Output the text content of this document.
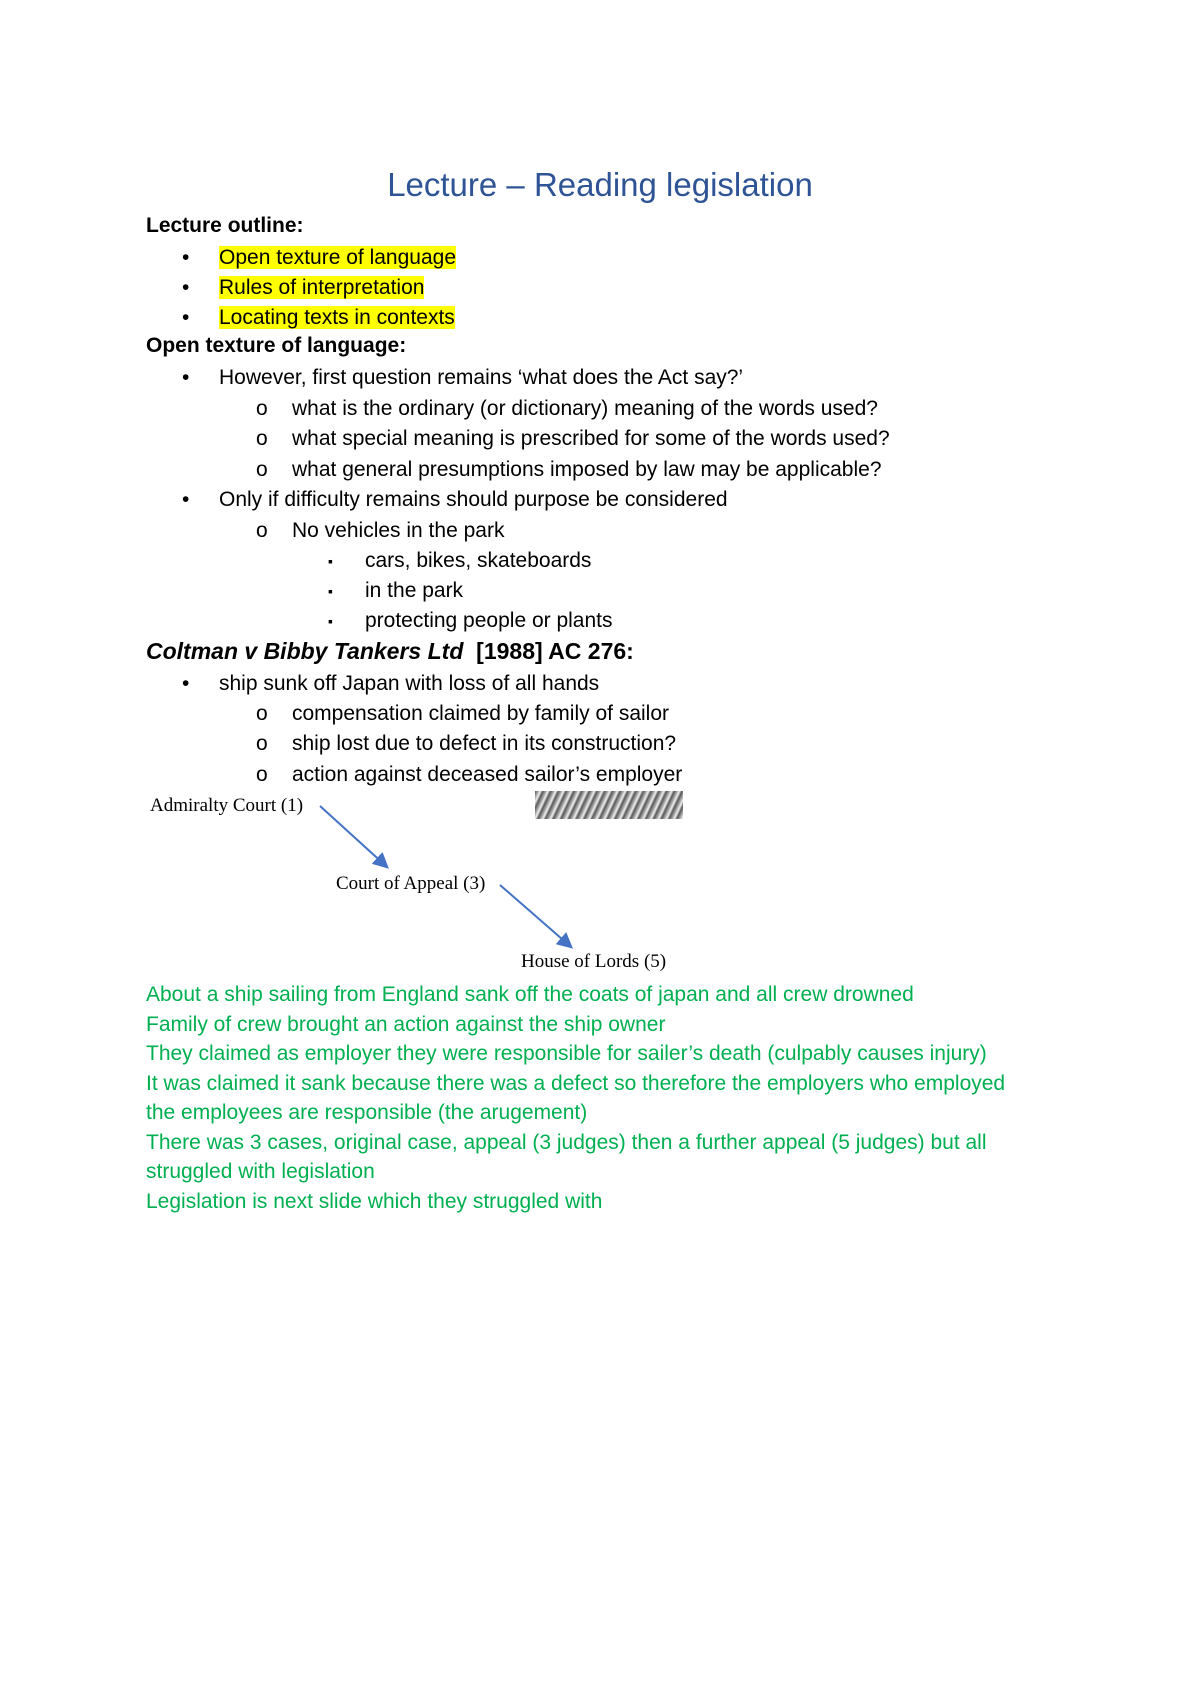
Lecture – Reading legislation
Lecture outline:
• Open texture of language
• Rules of interpretation
• Locating texts in contexts
Open texture of language:
• However, first question remains ‘what does the Act say?’
o what is the ordinary (or dictionary) meaning of the words used?
o what special meaning is prescribed for some of the words used?
o what general presumptions imposed by law may be applicable?
• Only if difficulty remains should purpose be considered
o No vehicles in the park
▪ cars, bikes, skateboards
▪ in the park
▪ protecting people or plants
Coltman v Bibby Tankers Ltd [1988] AC 276:
• ship sunk off Japan with loss of all hands
o compensation claimed by family of sailor
o ship lost due to defect in its construction?
o action against deceased sailor’s employer
Admiralty Court (1)
Court of Appeal (3)
House of Lords (5)
About a ship sailing from England sank off the coats of japan and all crew drowned
Family of crew brought an action against the ship owner
They claimed as employer they were responsible for sailer’s death (culpably causes injury)
It was claimed it sank because there was a defect so therefore the employers who employed
the employees are responsible (the arugement)
There was 3 cases, original case, appeal (3 judges) then a further appeal (5 judges) but all
struggled with legislation
Legislation is next slide which they struggled with
